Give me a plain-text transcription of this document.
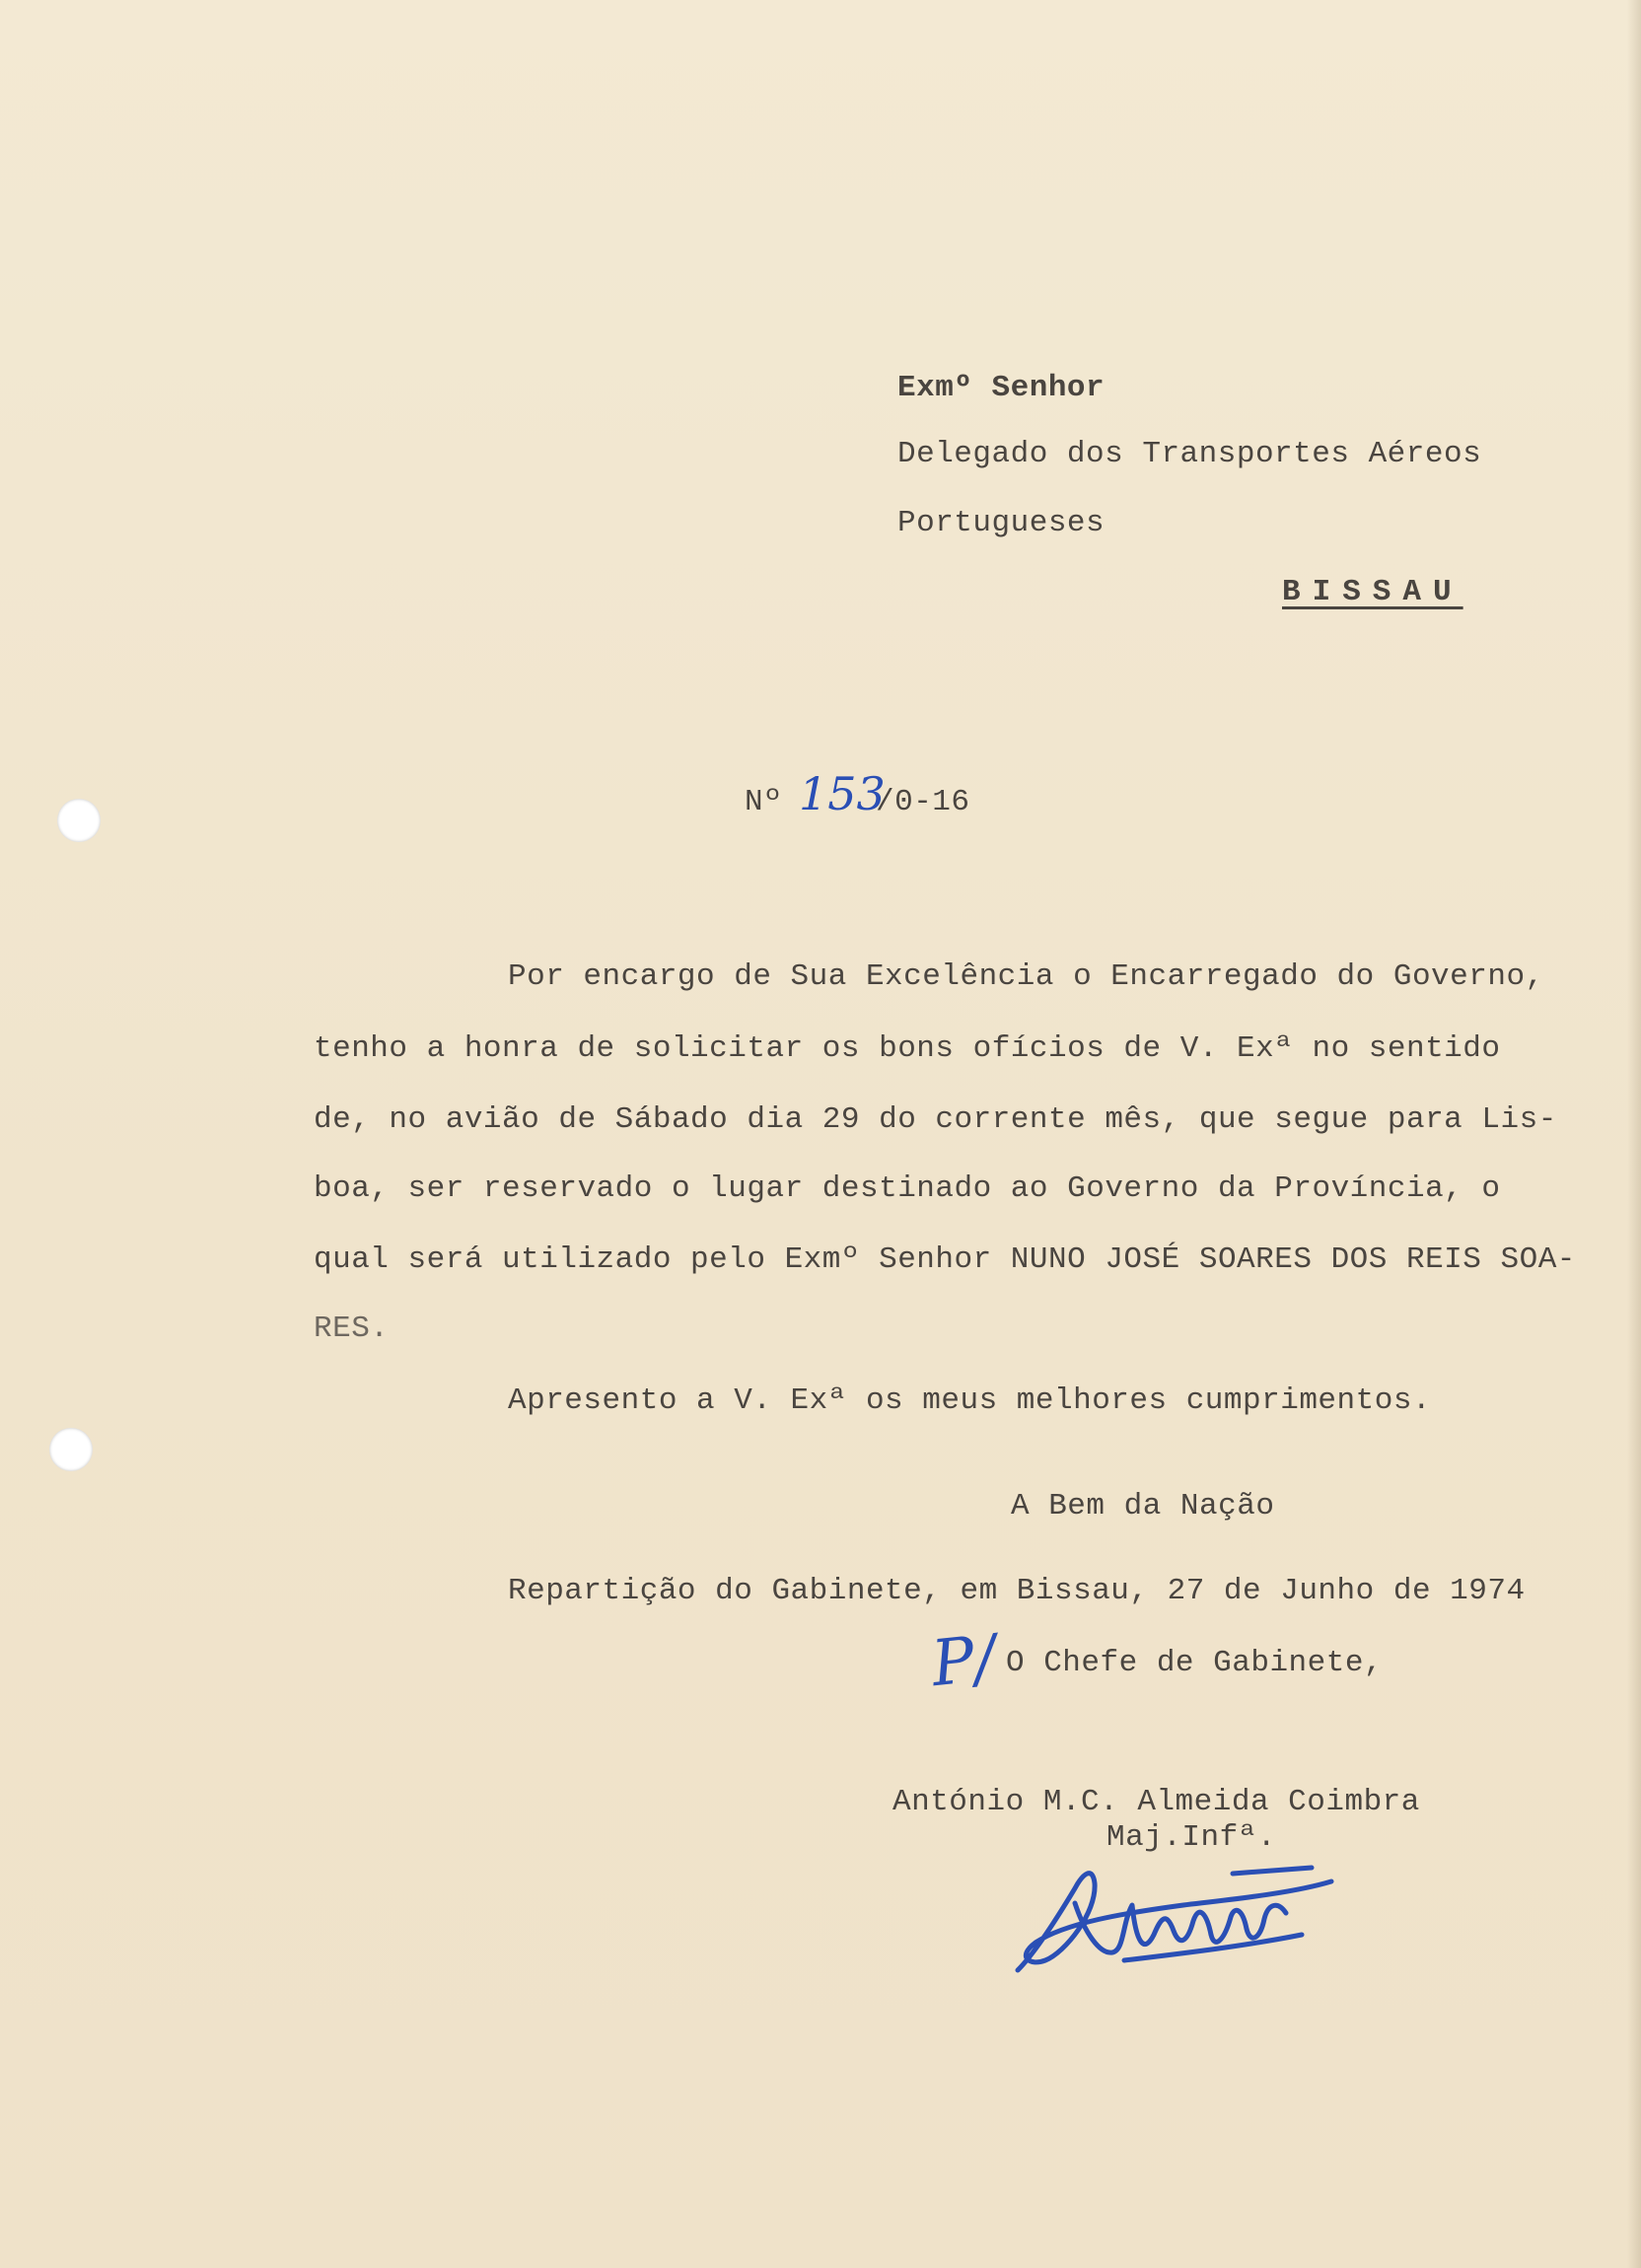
Exmº Senhor
Delegado dos Transportes Aéreos
Portugueses
BISSAU
Nº 153
/0-16
Por encargo de Sua Excelência o Encarregado do Governo,
tenho a honra de solicitar os bons ofícios de V. Exª no sentido
de, no avião de Sábado dia 29 do corrente mês, que segue para Lis-
boa, ser reservado o lugar destinado ao Governo da Província, o
qual será utilizado pelo Exmº Senhor NUNO JOSÉ SOARES DOS REIS SOA-
RES.
Apresento a V. Exª os meus melhores cumprimentos.
A Bem da Nação
Repartição do Gabinete, em Bissau, 27 de Junho de 1974
P/ O Chefe de Gabinete,
António M.C. Almeida Coimbra
Maj.Infª.
